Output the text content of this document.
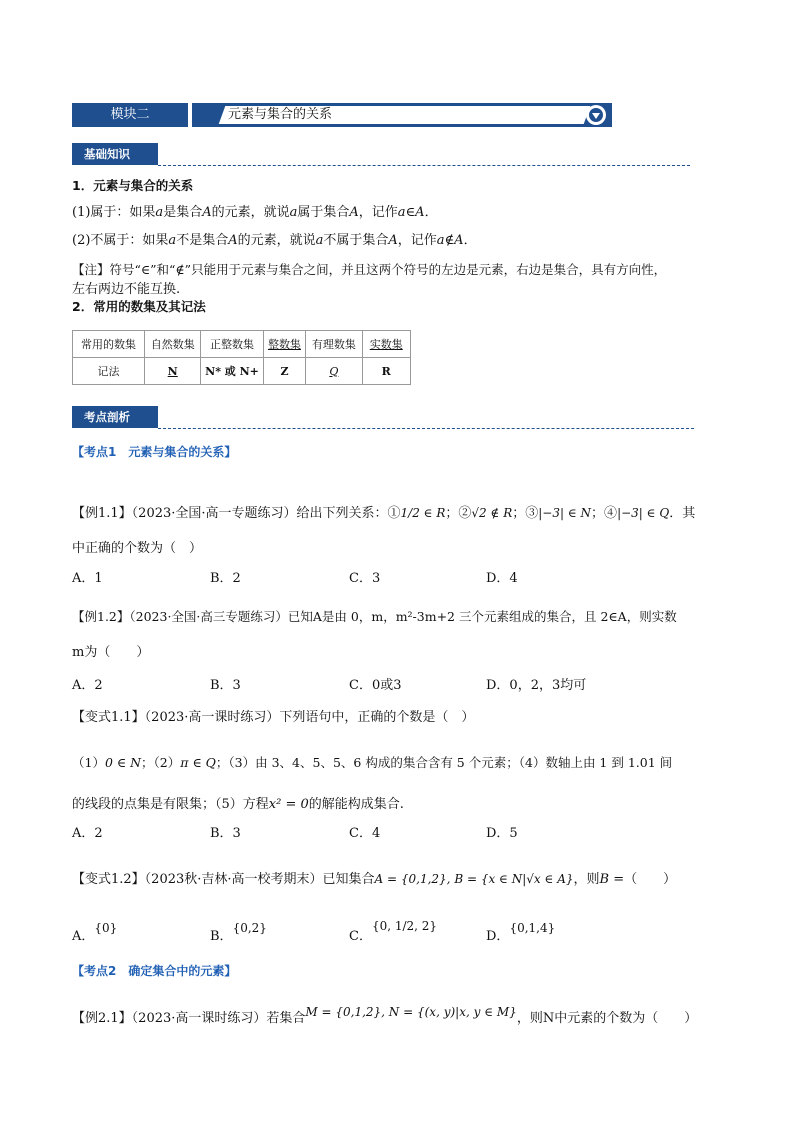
模块二	元素与集合的关系
基础知识
1．元素与集合的关系
(1)属于：如果a是集合A的元素，就说a属于集合A，记作a∈A．
(2)不属于：如果a不是集合A的元素，就说a不属于集合A，记作a∉A．
【注】符号“∈”和“∉”只能用于元素与集合之间，并且这两个符号的左边是元素，右边是集合，具有方向性，
左右两边不能互换.
2．常用的数集及其记法
常用的数集	自然数集	正整数集	整数集	有理数集	实数集
记法	N	N* 或 N+	Z	Q	R
考点剖析
【考点1　元素与集合的关系】
【例1.1】（2023·全国·高一专题练习）给出下列关系：①1/2 ∈ R；②√2 ∉ R；③|−3| ∈ N；④|−3| ∈ Q．其
中正确的个数为（　）
A．1	B．2	C．3	D．4
【例1.2】（2023·全国·高三专题练习）已知A是由 0，m，m²-3m+2 三个元素组成的集合，且 2∈A，则实数
m为（　　）
A．2	B．3	C．0或3	D．0，2，3均可
【变式1.1】（2023·高一课时练习）下列语句中，正确的个数是（　）
（1）0 ∈ N；（2）π ∈ Q；（3）由 3、4、5、5、6 构成的集合含有 5 个元素；（4）数轴上由 1 到 1.01 间
的线段的点集是有限集；（5）方程x² = 0的解能构成集合.
A．2	B．3	C．4	D．5
【变式1.2】（2023秋·吉林·高一校考期末）已知集合A = {0,1,2}, B = {x ∈ N|√x ∈ A}，则B =（　　）
A．{0}
B．{0,2}
C．{0, 1/2, 2}
D．{0,1,4}
【考点2　确定集合中的元素】
【例2.1】（2023·高一课时练习）若集合M = {0,1,2}, N = {(x, y)|x, y ∈ M}，则N中元素的个数为（　　）
